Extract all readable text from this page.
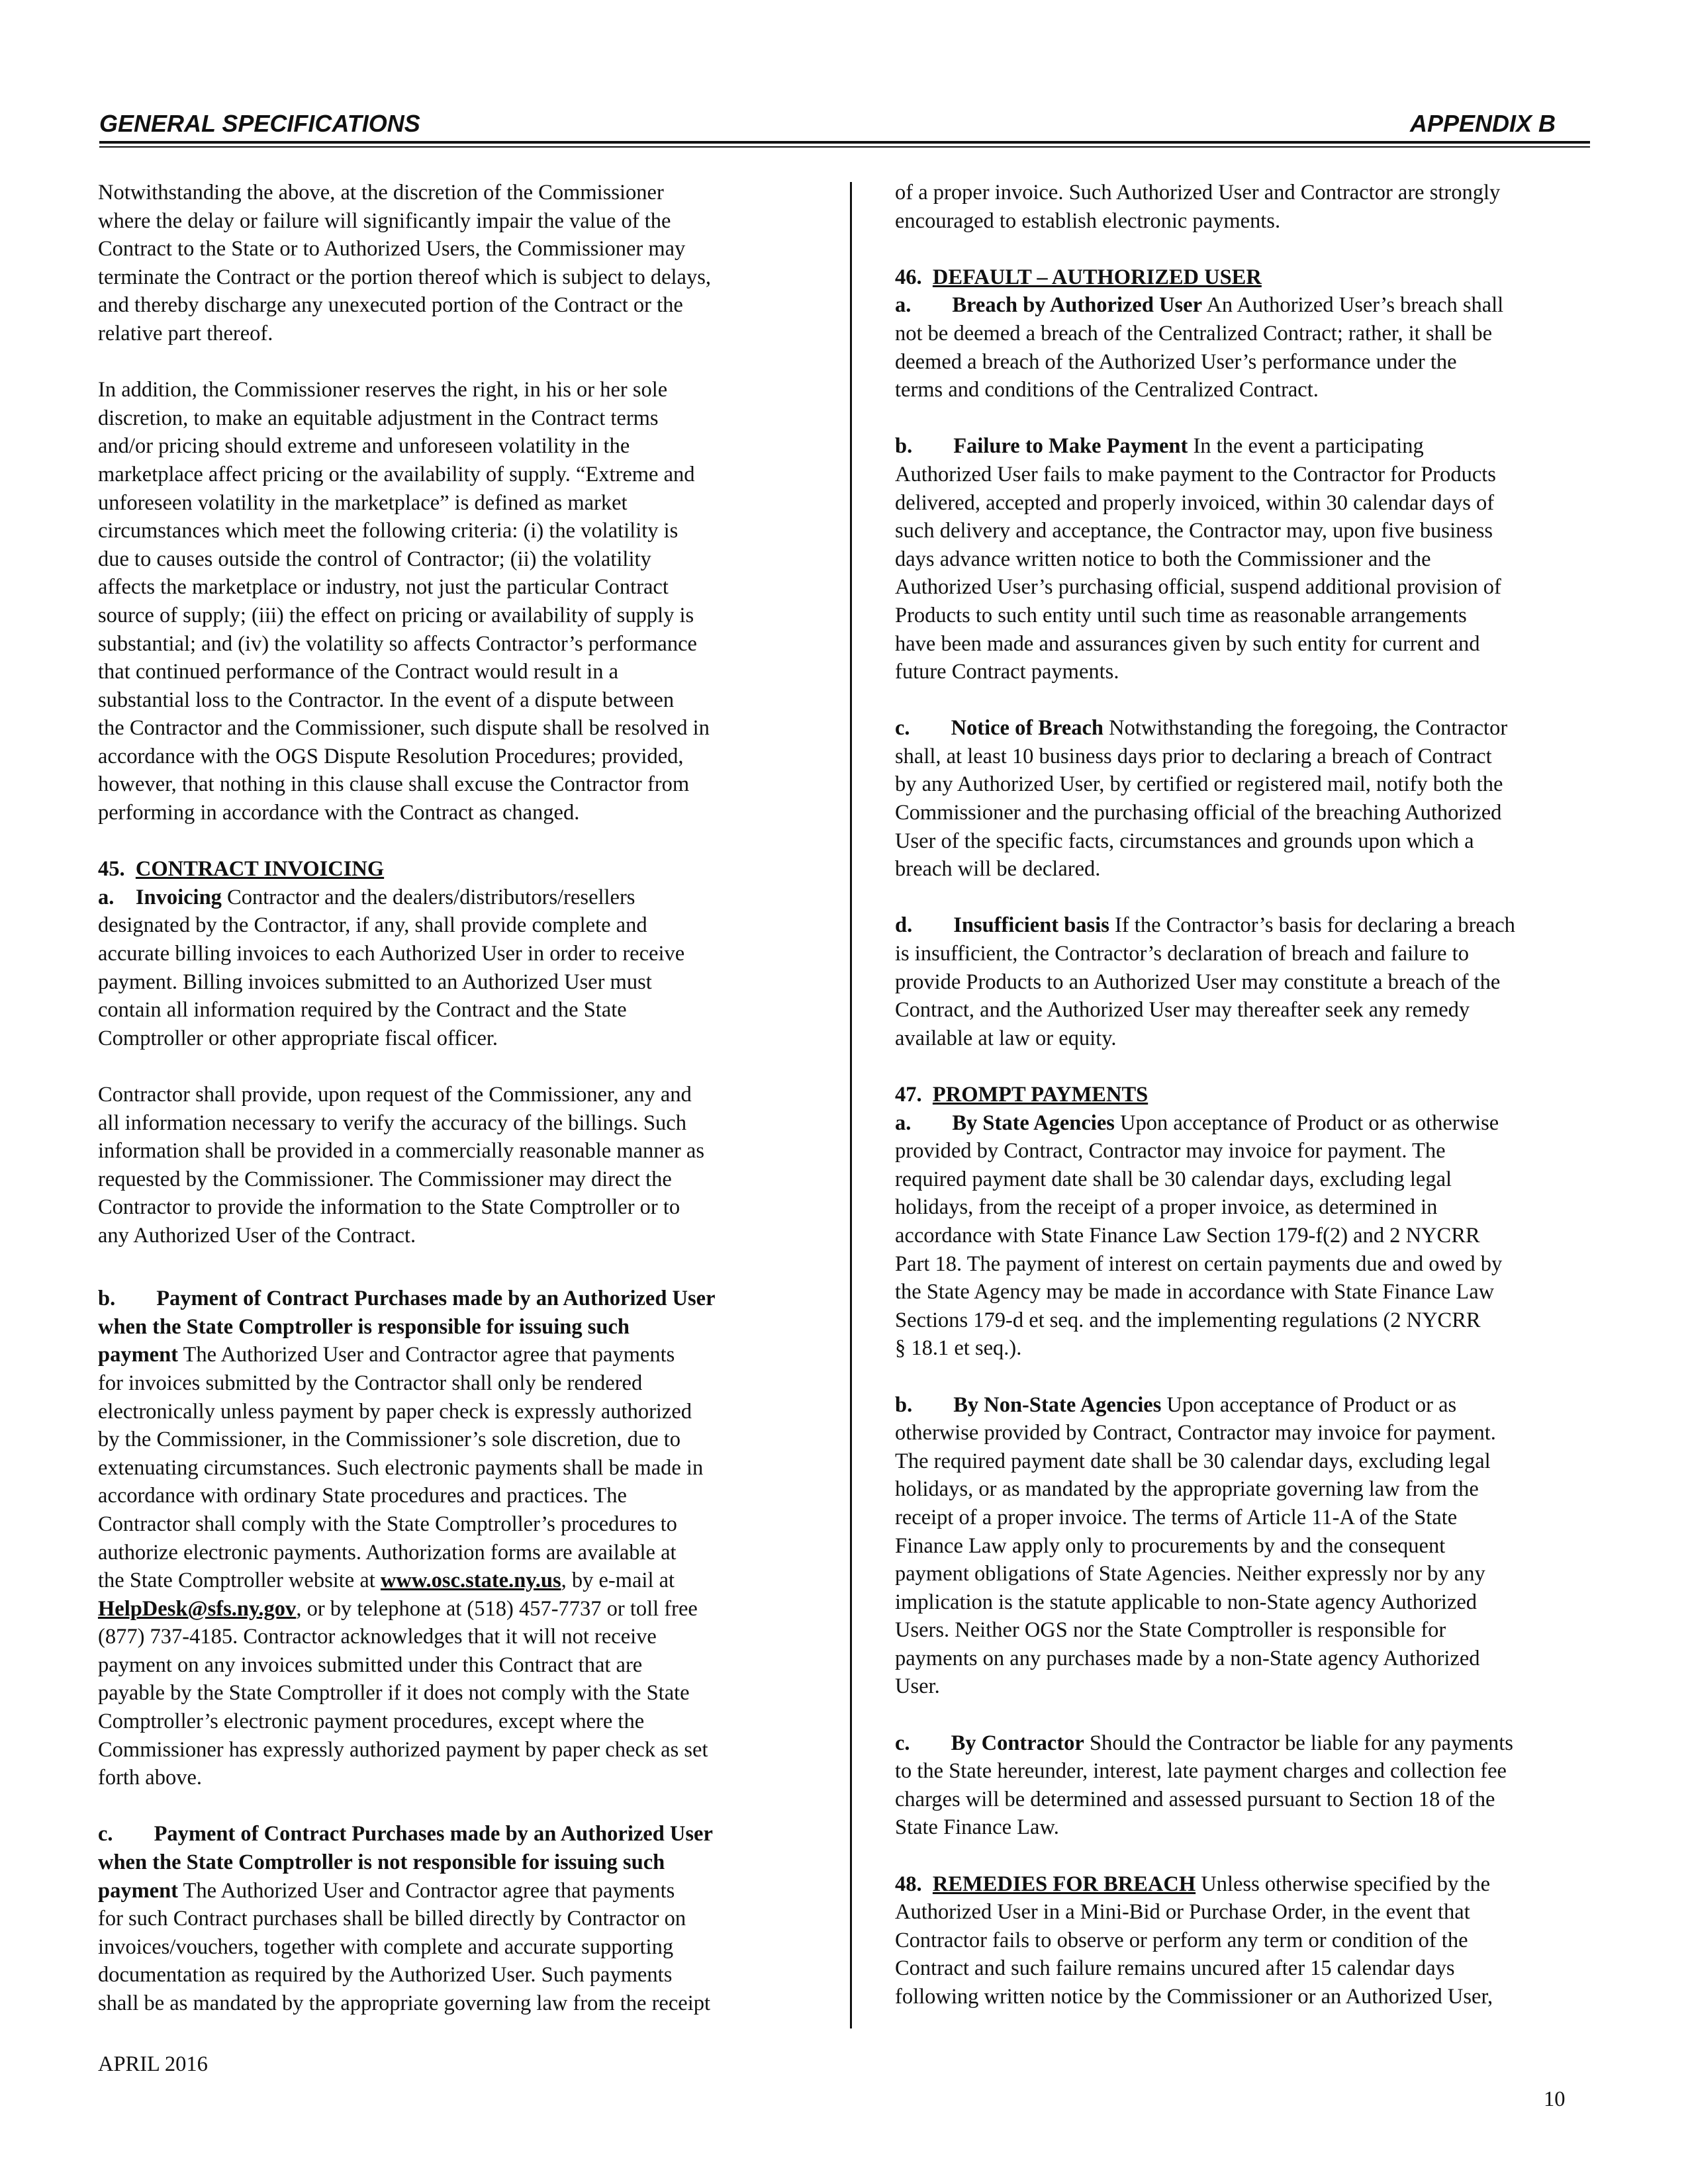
GENERAL SPECIFICATIONS	APPENDIX B
Notwithstanding the above, at the discretion of the Commissioner
where the delay or failure will significantly impair the value of the
Contract to the State or to Authorized Users, the Commissioner may
terminate the Contract or the portion thereof which is subject to delays,
and thereby discharge any unexecuted portion of the Contract or the
relative part thereof.
In addition, the Commissioner reserves the right, in his or her sole
discretion, to make an equitable adjustment in the Contract terms
and/or pricing should extreme and unforeseen volatility in the
marketplace affect pricing or the availability of supply. “Extreme and
unforeseen volatility in the marketplace” is defined as market
circumstances which meet the following criteria: (i) the volatility is
due to causes outside the control of Contractor; (ii) the volatility
affects the marketplace or industry, not just the particular Contract
source of supply; (iii) the effect on pricing or availability of supply is
substantial; and (iv) the volatility so affects Contractor’s performance
that continued performance of the Contract would result in a
substantial loss to the Contractor. In the event of a dispute between
the Contractor and the Commissioner, such dispute shall be resolved in
accordance with the OGS Dispute Resolution Procedures; provided,
however, that nothing in this clause shall excuse the Contractor from
performing in accordance with the Contract as changed.
45. CONTRACT INVOICING
a. Invoicing Contractor and the dealers/distributors/resellers
designated by the Contractor, if any, shall provide complete and
accurate billing invoices to each Authorized User in order to receive
payment. Billing invoices submitted to an Authorized User must
contain all information required by the Contract and the State
Comptroller or other appropriate fiscal officer.
Contractor shall provide, upon request of the Commissioner, any and
all information necessary to verify the accuracy of the billings. Such
information shall be provided in a commercially reasonable manner as
requested by the Commissioner. The Commissioner may direct the
Contractor to provide the information to the State Comptroller or to
any Authorized User of the Contract.
b. Payment of Contract Purchases made by an Authorized User
when the State Comptroller is responsible for issuing such
payment The Authorized User and Contractor agree that payments
for invoices submitted by the Contractor shall only be rendered
electronically unless payment by paper check is expressly authorized
by the Commissioner, in the Commissioner’s sole discretion, due to
extenuating circumstances. Such electronic payments shall be made in
accordance with ordinary State procedures and practices. The
Contractor shall comply with the State Comptroller’s procedures to
authorize electronic payments. Authorization forms are available at
the State Comptroller website at www.osc.state.ny.us, by e-mail at
HelpDesk@sfs.ny.gov, or by telephone at (518) 457-7737 or toll free
(877) 737-4185. Contractor acknowledges that it will not receive
payment on any invoices submitted under this Contract that are
payable by the State Comptroller if it does not comply with the State
Comptroller’s electronic payment procedures, except where the
Commissioner has expressly authorized payment by paper check as set
forth above.
c. Payment of Contract Purchases made by an Authorized User
when the State Comptroller is not responsible for issuing such
payment The Authorized User and Contractor agree that payments
for such Contract purchases shall be billed directly by Contractor on
invoices/vouchers, together with complete and accurate supporting
documentation as required by the Authorized User. Such payments
shall be as mandated by the appropriate governing law from the receipt
of a proper invoice. Such Authorized User and Contractor are strongly
encouraged to establish electronic payments.
46. DEFAULT – AUTHORIZED USER
a. Breach by Authorized User An Authorized User’s breach shall
not be deemed a breach of the Centralized Contract; rather, it shall be
deemed a breach of the Authorized User’s performance under the
terms and conditions of the Centralized Contract.
b. Failure to Make Payment In the event a participating
Authorized User fails to make payment to the Contractor for Products
delivered, accepted and properly invoiced, within 30 calendar days of
such delivery and acceptance, the Contractor may, upon five business
days advance written notice to both the Commissioner and the
Authorized User’s purchasing official, suspend additional provision of
Products to such entity until such time as reasonable arrangements
have been made and assurances given by such entity for current and
future Contract payments.
c. Notice of Breach Notwithstanding the foregoing, the Contractor
shall, at least 10 business days prior to declaring a breach of Contract
by any Authorized User, by certified or registered mail, notify both the
Commissioner and the purchasing official of the breaching Authorized
User of the specific facts, circumstances and grounds upon which a
breach will be declared.
d. Insufficient basis If the Contractor’s basis for declaring a breach
is insufficient, the Contractor’s declaration of breach and failure to
provide Products to an Authorized User may constitute a breach of the
Contract, and the Authorized User may thereafter seek any remedy
available at law or equity.
47. PROMPT PAYMENTS
a. By State Agencies Upon acceptance of Product or as otherwise
provided by Contract, Contractor may invoice for payment. The
required payment date shall be 30 calendar days, excluding legal
holidays, from the receipt of a proper invoice, as determined in
accordance with State Finance Law Section 179-f(2) and 2 NYCRR
Part 18. The payment of interest on certain payments due and owed by
the State Agency may be made in accordance with State Finance Law
Sections 179-d et seq. and the implementing regulations (2 NYCRR
§ 18.1 et seq.).
b. By Non-State Agencies Upon acceptance of Product or as
otherwise provided by Contract, Contractor may invoice for payment.
The required payment date shall be 30 calendar days, excluding legal
holidays, or as mandated by the appropriate governing law from the
receipt of a proper invoice. The terms of Article 11-A of the State
Finance Law apply only to procurements by and the consequent
payment obligations of State Agencies. Neither expressly nor by any
implication is the statute applicable to non-State agency Authorized
Users. Neither OGS nor the State Comptroller is responsible for
payments on any purchases made by a non-State agency Authorized
User.
c. By Contractor Should the Contractor be liable for any payments
to the State hereunder, interest, late payment charges and collection fee
charges will be determined and assessed pursuant to Section 18 of the
State Finance Law.
48. REMEDIES FOR BREACH Unless otherwise specified by the
Authorized User in a Mini-Bid or Purchase Order, in the event that
Contractor fails to observe or perform any term or condition of the
Contract and such failure remains uncured after 15 calendar days
following written notice by the Commissioner or an Authorized User,
APRIL 2016
10
